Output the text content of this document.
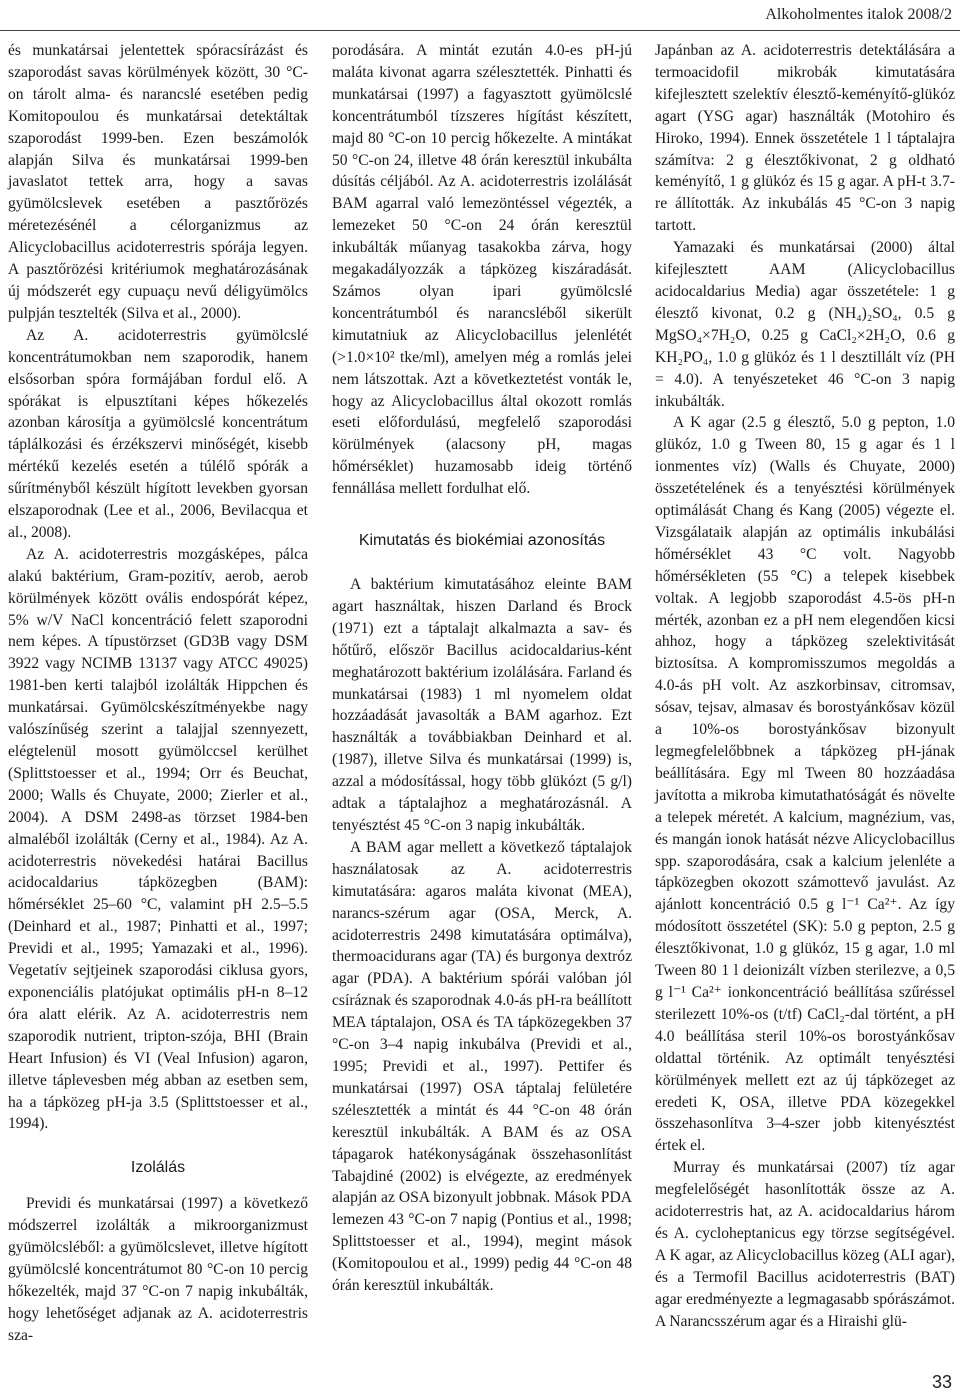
Alkoholmentes italok 2008/2

és munkatársai jelentettek spóracsírázást és szaporodást savas körülmények között, 30 °C-on tárolt alma- és narancslé esetében pedig Komitopoulou és munkatársai detektáltak szaporodást 1999-ben. Ezen beszámolók alapján Silva és munkatársai 1999-ben javaslatot tettek arra, hogy a savas gyümölcslevek esetében a pasztőrözés méretezésénél a célorganizmus az Alicyclobacillus acidoterrestris spórája legyen. A pasztőrözési kritériumok meghatározásának új módszerét egy cupuaçu nevű déligyümölcs pulpján tesztelték (Silva et al., 2000).

Az A. acidoterrestris gyümölcslé koncentrátumokban nem szaporodik, hanem elsősorban spóra formájában fordul elő. A spórákat is elpusztítani képes hőkezelés azonban károsítja a gyümölcslé koncentrátum táplálkozási és érzékszervi minőségét, kisebb mértékű kezelés esetén a túlélő spórák a sűrítményből készült hígított levekben gyorsan elszaporodnak (Lee et al., 2006, Bevilacqua et al., 2008).

Az A. acidoterrestris mozgásképes, pálca alakú baktérium, Gram-pozitív, aerob, aerob körülmények között ovális endospórát képez, 5% w/V NaCl koncentráció felett szaporodni nem képes. A típustörzset (GD3B vagy DSM 3922 vagy NCIMB 13137 vagy ATCC 49025) 1981-ben kerti talajból izolálták Hippchen és munkatársai. Gyümölcskészítményekbe nagy valószínűség szerint a talajjal szennyezett, elégtelenül mosott gyümölccsel kerülhet (Splittstoesser et al., 1994; Orr és Beuchat, 2000; Walls és Chuyate, 2000; Zierler et al., 2004). A DSM 2498-as törzset 1984-ben almaléből izolálták (Cerny et al., 1984). Az A. acidoterrestris növekedési határai Bacillus acidocaldarius tápközegben (BAM): hőmérséklet 25–60 °C, valamint pH 2.5–5.5 (Deinhard et al., 1987; Pinhatti et al., 1997; Previdi et al., 1995; Yamazaki et al., 1996). Vegetatív sejtjeinek szaporodási ciklusa gyors, exponenciális platójukat optimális pH-n 8–12 óra alatt elérik. Az A. acidoterrestris nem szaporodik nutrient, tripton-szója, BHI (Brain Heart Infusion) és VI (Veal Infusion) agaron, illetve táplevesben még abban az esetben sem, ha a tápközeg pH-ja 3.5 (Splittstoesser et al., 1994).

Izolálás

Previdi és munkatársai (1997) a következő módszerrel izolálták a mikroorganizmust gyümölcsléből: a gyümölcslevet, illetve hígított gyümölcslé koncentrátumot 80 °C-on 10 percig hőkezelték, majd 37 °C-on 7 napig inkubálták, hogy lehetőséget adjanak az A. acidoterrestris sza-

porodására. A mintát ezután 4.0-es pH-jú maláta kivonat agarra szélesztették. Pinhatti és munkatársai (1997) a fagyasztott gyümölcslé koncentrátumból tízszeres hígítást készített, majd 80 °C-on 10 percig hőkezelte. A mintákat 50 °C-on 24, illetve 48 órán keresztül inkubálta dúsítás céljából. Az A. acidoterrestris izolálását BAM agarral való lemezöntéssel végezték, a lemezeket 50 °C-on 24 órán keresztül inkubálták műanyag tasakokba zárva, hogy megakadályozzák a tápközeg kiszáradását. Számos olyan ipari gyümölcslé koncentrátumból és narancsléből sikerült kimutatniuk az Alicyclobacillus jelenlétét (>1.0×10² tke/ml), amelyen még a romlás jelei nem látszottak. Azt a következtetést vonták le, hogy az Alicyclobacillus által okozott romlás eseti előfordulású, megfelelő szaporodási körülmények (alacsony pH, magas hőmérséklet) huzamosabb ideig történő fennállása mellett fordulhat elő.

Kimutatás és biokémiai azonosítás

A baktérium kimutatásához eleinte BAM agart használtak, hiszen Darland és Brock (1971) ezt a táptalajt alkalmazta a sav- és hőtűrő, először Bacillus acidocaldarius-ként meghatározott baktérium izolálására. Farland és munkatársai (1983) 1 ml nyomelem oldat hozzáadását javasolták a BAM agarhoz. Ezt használták a továbbiakban Deinhard et al. (1987), illetve Silva és munkatársai (1999) is, azzal a módosítással, hogy több glükózt (5 g/l) adtak a táptalajhoz a meghatározásnál. A tenyésztést 45 °C-on 3 napig inkubálták.

A BAM agar mellett a következő táptalajok használatosak az A. acidoterrestris kimutatására: agaros maláta kivonat (MEA), narancs-szérum agar (OSA, Merck, A. acidoterrestris 2498 kimutatására optimálva), thermoacidurans agar (TA) és burgonya dextróz agar (PDA). A baktérium spórái valóban jól csíráznak és szaporodnak 4.0-ás pH-ra beállított MEA táptalajon, OSA és TA tápközegekben 37 °C-on 3–4 napig inkubálva (Previdi et al., 1995; Previdi et al., 1997). Pettifer és munkatársai (1997) OSA táptalaj felületére szélesztették a mintát és 44 °C-on 48 órán keresztül inkubálták. A BAM és az OSA tápagarok hatékonyságának összehasonlítást Tabajdiné (2002) is elvégezte, az eredmények alapján az OSA bizonyult jobbnak. Mások PDA lemezen 43 °C-on 7 napig (Pontius et al., 1998; Splittstoesser et al., 1994), megint mások (Komitopoulou et al., 1999) pedig 44 °C-on 48 órán keresztül inkubálták.

Japánban az A. acidoterrestris detektálására a termoacidofil mikrobák kimutatására kifejlesztett szelektív élesztő-keményítő-glükóz agart (YSG agar) használták (Motohiro és Hiroko, 1994). Ennek összetétele 1 l táptalajra számítva: 2 g élesztőkivonat, 2 g oldható keményítő, 1 g glükóz és 15 g agar. A pH-t 3.7-re állították. Az inkubálás 45 °C-on 3 napig tartott.

Yamazaki és munkatársai (2000) által kifejlesztett AAM (Alicyclobacillus acidocaldarius Media) agar összetétele: 1 g élesztő kivonat, 0.2 g (NH₄)₂SO₄, 0.5 g MgSO₄×7H₂O, 0.25 g CaCl₂×2H₂O, 0.6 g KH₂PO₄, 1.0 g glükóz és 1 l desztillált víz (PH = 4.0). A tenyészeteket 46 °C-on 3 napig inkubálták.

A K agar (2.5 g élesztő, 5.0 g pepton, 1.0 glükóz, 1.0 g Tween 80, 15 g agar és 1 l ionmentes víz) (Walls és Chuyate, 2000) összetételének és a tenyésztési körülmények optimálását Chang és Kang (2005) végezte el. Vizsgálataik alapján az optimális inkubálási hőmérséklet 43 °C volt. Nagyobb hőmérsékleten (55 °C) a telepek kisebbek voltak. A legjobb szaporodást 4.5-ös pH-n mérték, azonban ez a pH nem elegendően kicsi ahhoz, hogy a tápközeg szelektivitását biztosítsa. A kompromisszumos megoldás a 4.0-ás pH volt. Az aszkorbinsav, citromsav, sósav, tejsav, almasav és borostyánkősav közül a 10%-os borostyánkősav bizonyult legmegfelelőbbnek a tápközeg pH-jának beállítására. Egy ml Tween 80 hozzáadása javította a mikroba kimutathatóságát és növelte a telepek méretét. A kalcium, magnézium, vas, és mangán ionok hatását nézve Alicyclobacillus spp. szaporodására, csak a kalcium jelenléte a tápközegben okozott számottevő javulást. Az ajánlott koncentráció 0.5 g l⁻¹ Ca²⁺. Az így módosított összetétel (SK): 5.0 g pepton, 2.5 g élesztőkivonat, 1.0 g glükóz, 15 g agar, 1.0 ml Tween 80 1 l deionizált vízben sterilezve, a 0,5 g l⁻¹ Ca²⁺ ionkoncentráció beállítása szűréssel sterilezett 10%-os (t/tf) CaCl₂-dal történt, a pH 4.0 beállítása steril 10%-os borostyánkősav oldattal történik. Az optimált tenyésztési körülmények mellett ezt az új tápközeget az eredeti K, OSA, illetve PDA közegekkel összehasonlítva 3–4-szer jobb kitenyésztést értek el.

Murray és munkatársai (2007) tíz agar megfelelőségét hasonlították össze az A. acidoterrestris hat, az A. acidocaldarius három és A. cycloheptanicus egy törzse segítségével. A K agar, az Alicyclobacillus közeg (ALI agar), és a Termofil Bacillus acidoterrestris (BAT) agar eredményezte a legmagasabb spórászámot. A Narancsszérum agar és a Hiraishi glü-

33
